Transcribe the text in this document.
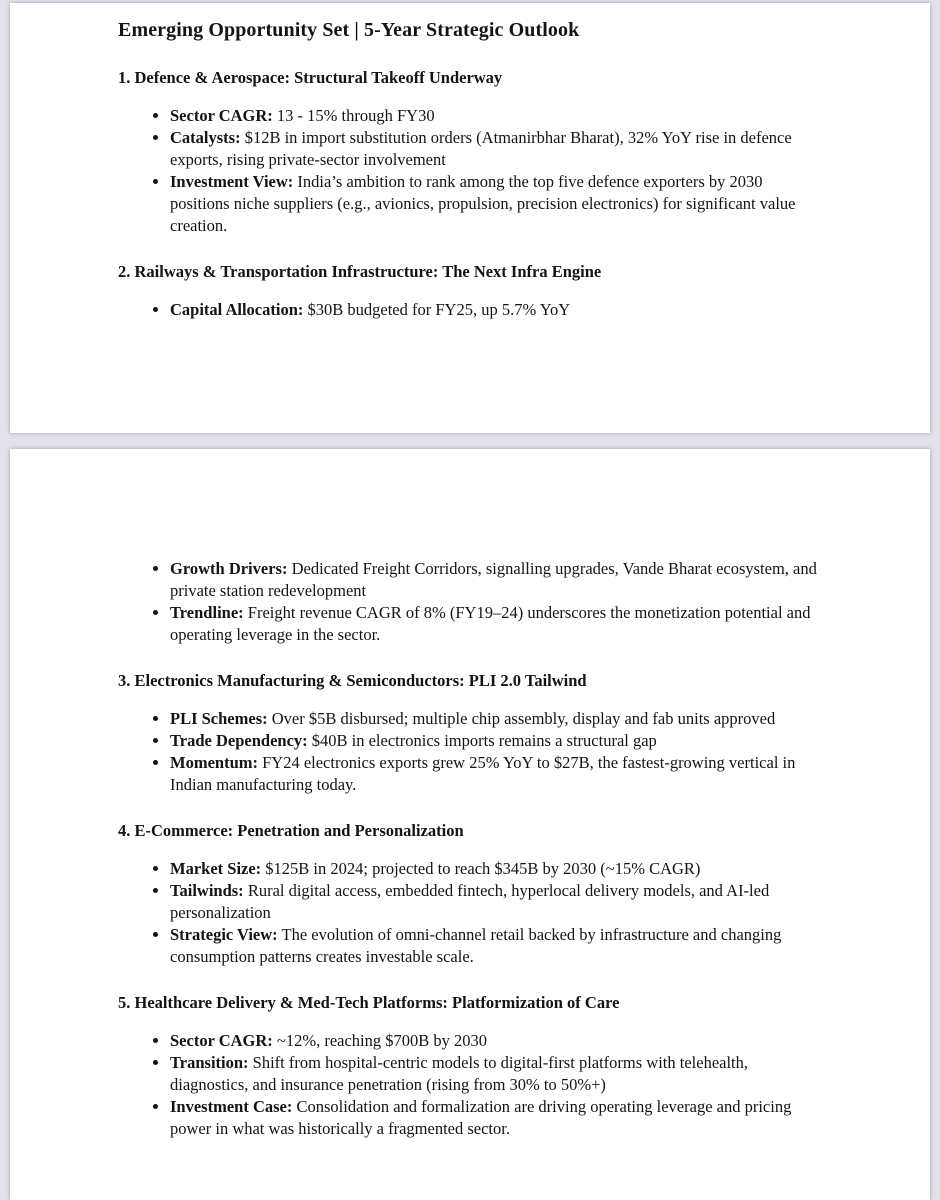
Emerging Opportunity Set | 5-Year Strategic Outlook
1. Defence & Aerospace: Structural Takeoff Underway
• Sector CAGR: 13 - 15% through FY30
• Catalysts: $12B in import substitution orders (Atmanirbhar Bharat), 32% YoY rise in defence exports, rising private-sector involvement
• Investment View: India’s ambition to rank among the top five defence exporters by 2030 positions niche suppliers (e.g., avionics, propulsion, precision electronics) for significant value creation.
2. Railways & Transportation Infrastructure: The Next Infra Engine
• Capital Allocation: $30B budgeted for FY25, up 5.7% YoY
• Growth Drivers: Dedicated Freight Corridors, signalling upgrades, Vande Bharat ecosystem, and private station redevelopment
• Trendline: Freight revenue CAGR of 8% (FY19–24) underscores the monetization potential and operating leverage in the sector.
3. Electronics Manufacturing & Semiconductors: PLI 2.0 Tailwind
• PLI Schemes: Over $5B disbursed; multiple chip assembly, display and fab units approved
• Trade Dependency: $40B in electronics imports remains a structural gap
• Momentum: FY24 electronics exports grew 25% YoY to $27B, the fastest-growing vertical in Indian manufacturing today.
4. E-Commerce: Penetration and Personalization
• Market Size: $125B in 2024; projected to reach $345B by 2030 (~15% CAGR)
• Tailwinds: Rural digital access, embedded fintech, hyperlocal delivery models, and AI-led personalization
• Strategic View: The evolution of omni-channel retail backed by infrastructure and changing consumption patterns creates investable scale.
5. Healthcare Delivery & Med-Tech Platforms: Platformization of Care
• Sector CAGR: ~12%, reaching $700B by 2030
• Transition: Shift from hospital-centric models to digital-first platforms with telehealth, diagnostics, and insurance penetration (rising from 30% to 50%+)
• Investment Case: Consolidation and formalization are driving operating leverage and pricing power in what was historically a fragmented sector.
